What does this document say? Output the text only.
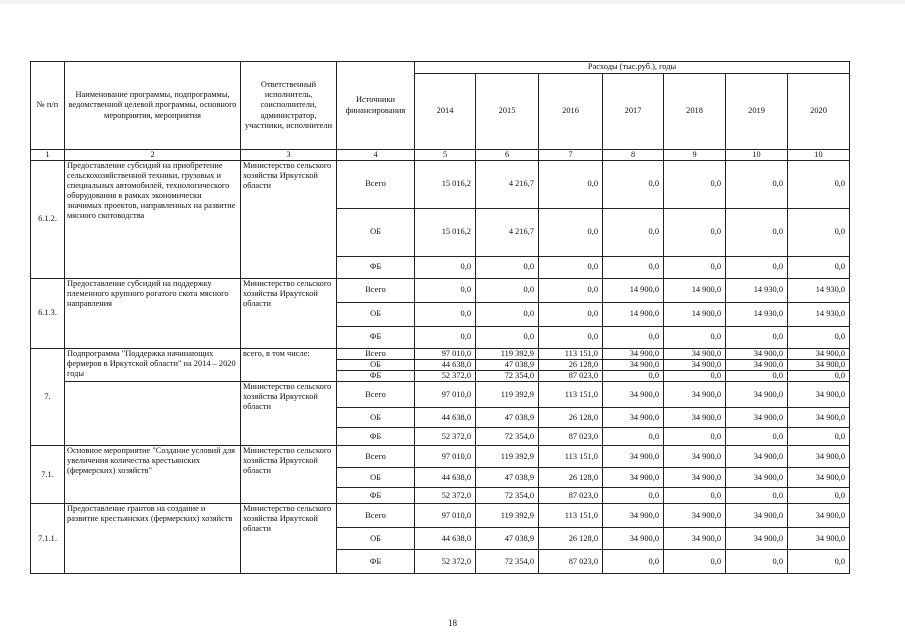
№ п/п	Наименование программы, подпрограммы, ведомственной целевой программы, основного мероприятия, мероприятия	Ответственный исполнитель, соисполнители, администратор, участники, исполнители	Источники финансирования	Расходы (тыс.руб.), годы						
				2014	2015	2016	2017	2018	2019	2020
1	2	3	4	5	6	7	8	9	10	10
6.1.2.	Предоставление субсидий на приобретение сельскохозяйственной техники, грузовых и специальных автомобилей, технологического оборудования в рамках экономически значимых проектов, направленных на развитие мясного скотоводства	Министерство сельского хозяйства Иркутской области	Всего	15 016,2	4 216,7	0,0	0,0	0,0	0,0	0,0
			ОБ	15 016,2	4 216,7	0,0	0,0	0,0	0,0	0,0
			ФБ	0,0	0,0	0,0	0,0	0,0	0,0	0,0
6.1.3.	Предоставление субсидий на поддержку племенного крупного рогатого скота мясного направления	Министерство сельского хозяйства Иркутской области	Всего	0,0	0,0	0,0	14 900,0	14 900,0	14 930,0	14 930,0
			ОБ	0,0	0,0	0,0	14 900,0	14 900,0	14 930,0	14 930,0
			ФБ	0,0	0,0	0,0	0,0	0,0	0,0	0,0
7.	Подпрограмма "Поддержка начинающих фермеров в Иркутской области" на 2014 – 2020 годы	всего, в том числе:	Всего	97 010,0	119 392,9	113 151,0	34 900,0	34 900,0	34 900,0	34 900,0
			ОБ	44 638,0	47 038,9	26 128,0	34 900,0	34 900,0	34 900,0	34 900,0
			ФБ	52 372,0	72 354,0	87 023,0	0,0	0,0	0,0	0,0
		Министерство сельского хозяйства Иркутской области	Всего	97 010,0	119 392,9	113 151,0	34 900,0	34 900,0	34 900,0	34 900,0
			ОБ	44 638,0	47 038,9	26 128,0	34 900,0	34 900,0	34 900,0	34 900,0
			ФБ	52 372,0	72 354,0	87 023,0	0,0	0,0	0,0	0,0
7.1.	Основное мероприятие "Создание условий для увеличения количества крестьянских (фермерских) хозяйств"	Министерство сельского хозяйства Иркутской области	Всего	97 010,0	119 392,9	113 151,0	34 900,0	34 900,0	34 900,0	34 900,0
			ОБ	44 638,0	47 038,9	26 128,0	34 900,0	34 900,0	34 900,0	34 900,0
			ФБ	52 372,0	72 354,0	87 023,0	0,0	0,0	0,0	0,0
7.1.1.	Предоставление грантов на создание и развитие крестьянских (фермерских) хозяйств	Министерство сельского хозяйства Иркутской области	Всего	97 010,0	119 392,9	113 151,0	34 900,0	34 900,0	34 900,0	34 900,0
			ОБ	44 638,0	47 038,9	26 128,0	34 900,0	34 900,0	34 900,0	34 900,0
			ФБ	52 372,0	72 354,0	87 023,0	0,0	0,0	0,0	0,0
18
